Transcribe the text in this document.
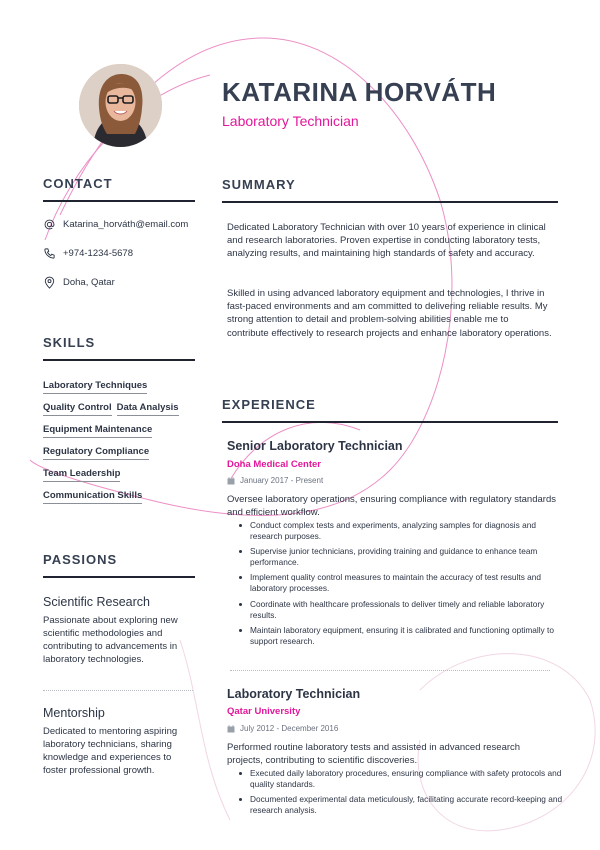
KATARINA HORVÁTH
Laboratory Technician
CONTACT
Katarina_horváth@email.com
+974-1234-5678
Doha, Qatar
SKILLS
Laboratory Techniques
Quality Control Data Analysis
Equipment Maintenance
Regulatory Compliance
Team Leadership
Communication Skills
PASSIONS
Scientific Research
Passionate about exploring new scientific methodologies and contributing to advancements in laboratory technologies.
Mentorship
Dedicated to mentoring aspiring laboratory technicians, sharing knowledge and experiences to foster professional growth.
SUMMARY
Dedicated Laboratory Technician with over 10 years of experience in clinical and research laboratories. Proven expertise in conducting laboratory tests, analyzing results, and maintaining high standards of safety and accuracy.
Skilled in using advanced laboratory equipment and technologies, I thrive in fast-paced environments and am committed to delivering reliable results. My strong attention to detail and problem-solving abilities enable me to contribute effectively to research projects and enhance laboratory operations.
EXPERIENCE
Senior Laboratory Technician
Doha Medical Center
January 2017 - Present
Oversee laboratory operations, ensuring compliance with regulatory standards and efficient workflow.
Conduct complex tests and experiments, analyzing samples for diagnosis and research purposes.
Supervise junior technicians, providing training and guidance to enhance team performance.
Implement quality control measures to maintain the accuracy of test results and laboratory processes.
Coordinate with healthcare professionals to deliver timely and reliable laboratory results.
Maintain laboratory equipment, ensuring it is calibrated and functioning optimally to support research.
Laboratory Technician
Qatar University
July 2012 - December 2016
Performed routine laboratory tests and assisted in advanced research projects, contributing to scientific discoveries.
Executed daily laboratory procedures, ensuring compliance with safety protocols and quality standards.
Documented experimental data meticulously, facilitating accurate record-keeping and research analysis.
